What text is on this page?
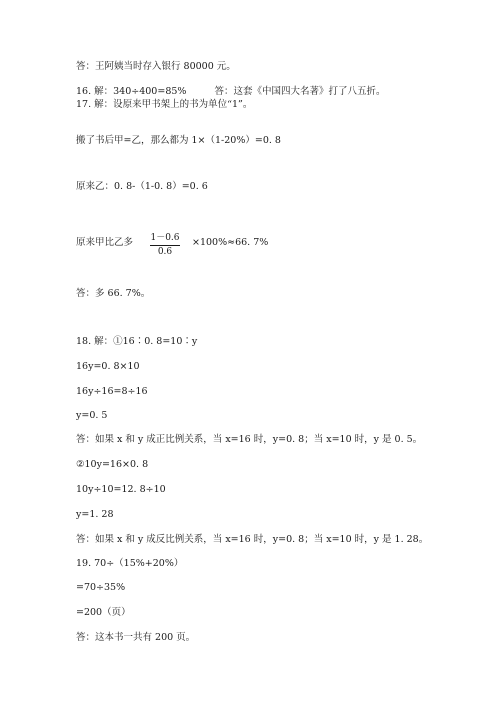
答：王阿姨当时存入银行 80000 元。
16. 解：340÷400=85%	答：这套《中国四大名著》打了八五折。
17. 解：设原来甲书架上的书为单位“1”。
搬了书后甲=乙，那么都为 1×（1-20%）=0. 8
原来乙：0. 8-（1-0. 8）=0. 6
原来甲比乙多 $\frac{1-0.6}{0.6} \times 100\%\approx 66$. 7%
答：多 66. 7%。
18. 解：①16∶0. 8=10∶y
16y=0. 8×10
16y÷16=8÷16
y=0. 5
答：如果 x 和 y 成正比例关系，当 x=16 时，y=0. 8；当 x=10 时，y 是 0. 5。
②10y=16×0. 8
10y÷10=12. 8÷10
y=1. 28
答：如果 x 和 y 成反比例关系，当 x=16 时，y=0. 8；当 x=10 时，y 是 1. 28。
19. 70÷（15%+20%）
=70÷35%
=200（页）
答：这本书一共有 200 页。
